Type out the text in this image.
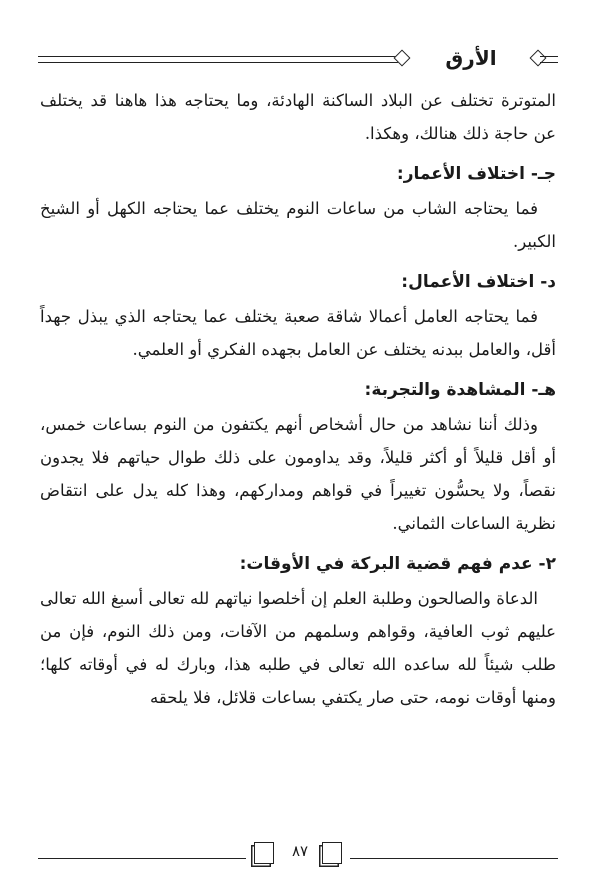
الأرق

المتوترة تختلف عن البلاد الساكنة الهادئة، وما يحتاجه هذا هاهنا قد يختلف عن حاجة ذلك هنالك، وهكذا.

جـ- اختلاف الأعمار:

فما يحتاجه الشاب من ساعات النوم يختلف عما يحتاجه الكهل أو الشيخ الكبير.

د- اختلاف الأعمال:

فما يحتاجه العامل أعمالا شاقة صعبة يختلف عما يحتاجه الذي يبذل جهداً أقل، والعامل ببدنه يختلف عن العامل بجهده الفكري أو العلمي.

هـ- المشاهدة والتجربة:

وذلك أننا نشاهد من حال أشخاص أنهم يكتفون من النوم بساعات خمس، أو أقل قليلاً أو أكثر قليلاً، وقد يداومون على ذلك طوال حياتهم فلا يجدون نقصاً، ولا يحسُّون تغييراً في قواهم ومداركهم، وهذا كله يدل على انتقاض نظرية الساعات الثماني.

٢- عدم فهم قضية البركة في الأوقات:

الدعاة والصالحون وطلبة العلم إن أخلصوا نياتهم لله تعالى أسبغ الله تعالى عليهم ثوب العافية، وقواهم وسلمهم من الآفات، ومن ذلك النوم، فإن من طلب شيئاً لله ساعده الله تعالى في طلبه هذا، وبارك له في أوقاته كلها؛ ومنها أوقات نومه، حتى صار يكتفي بساعات قلائل، فلا يلحقه

٨٧
